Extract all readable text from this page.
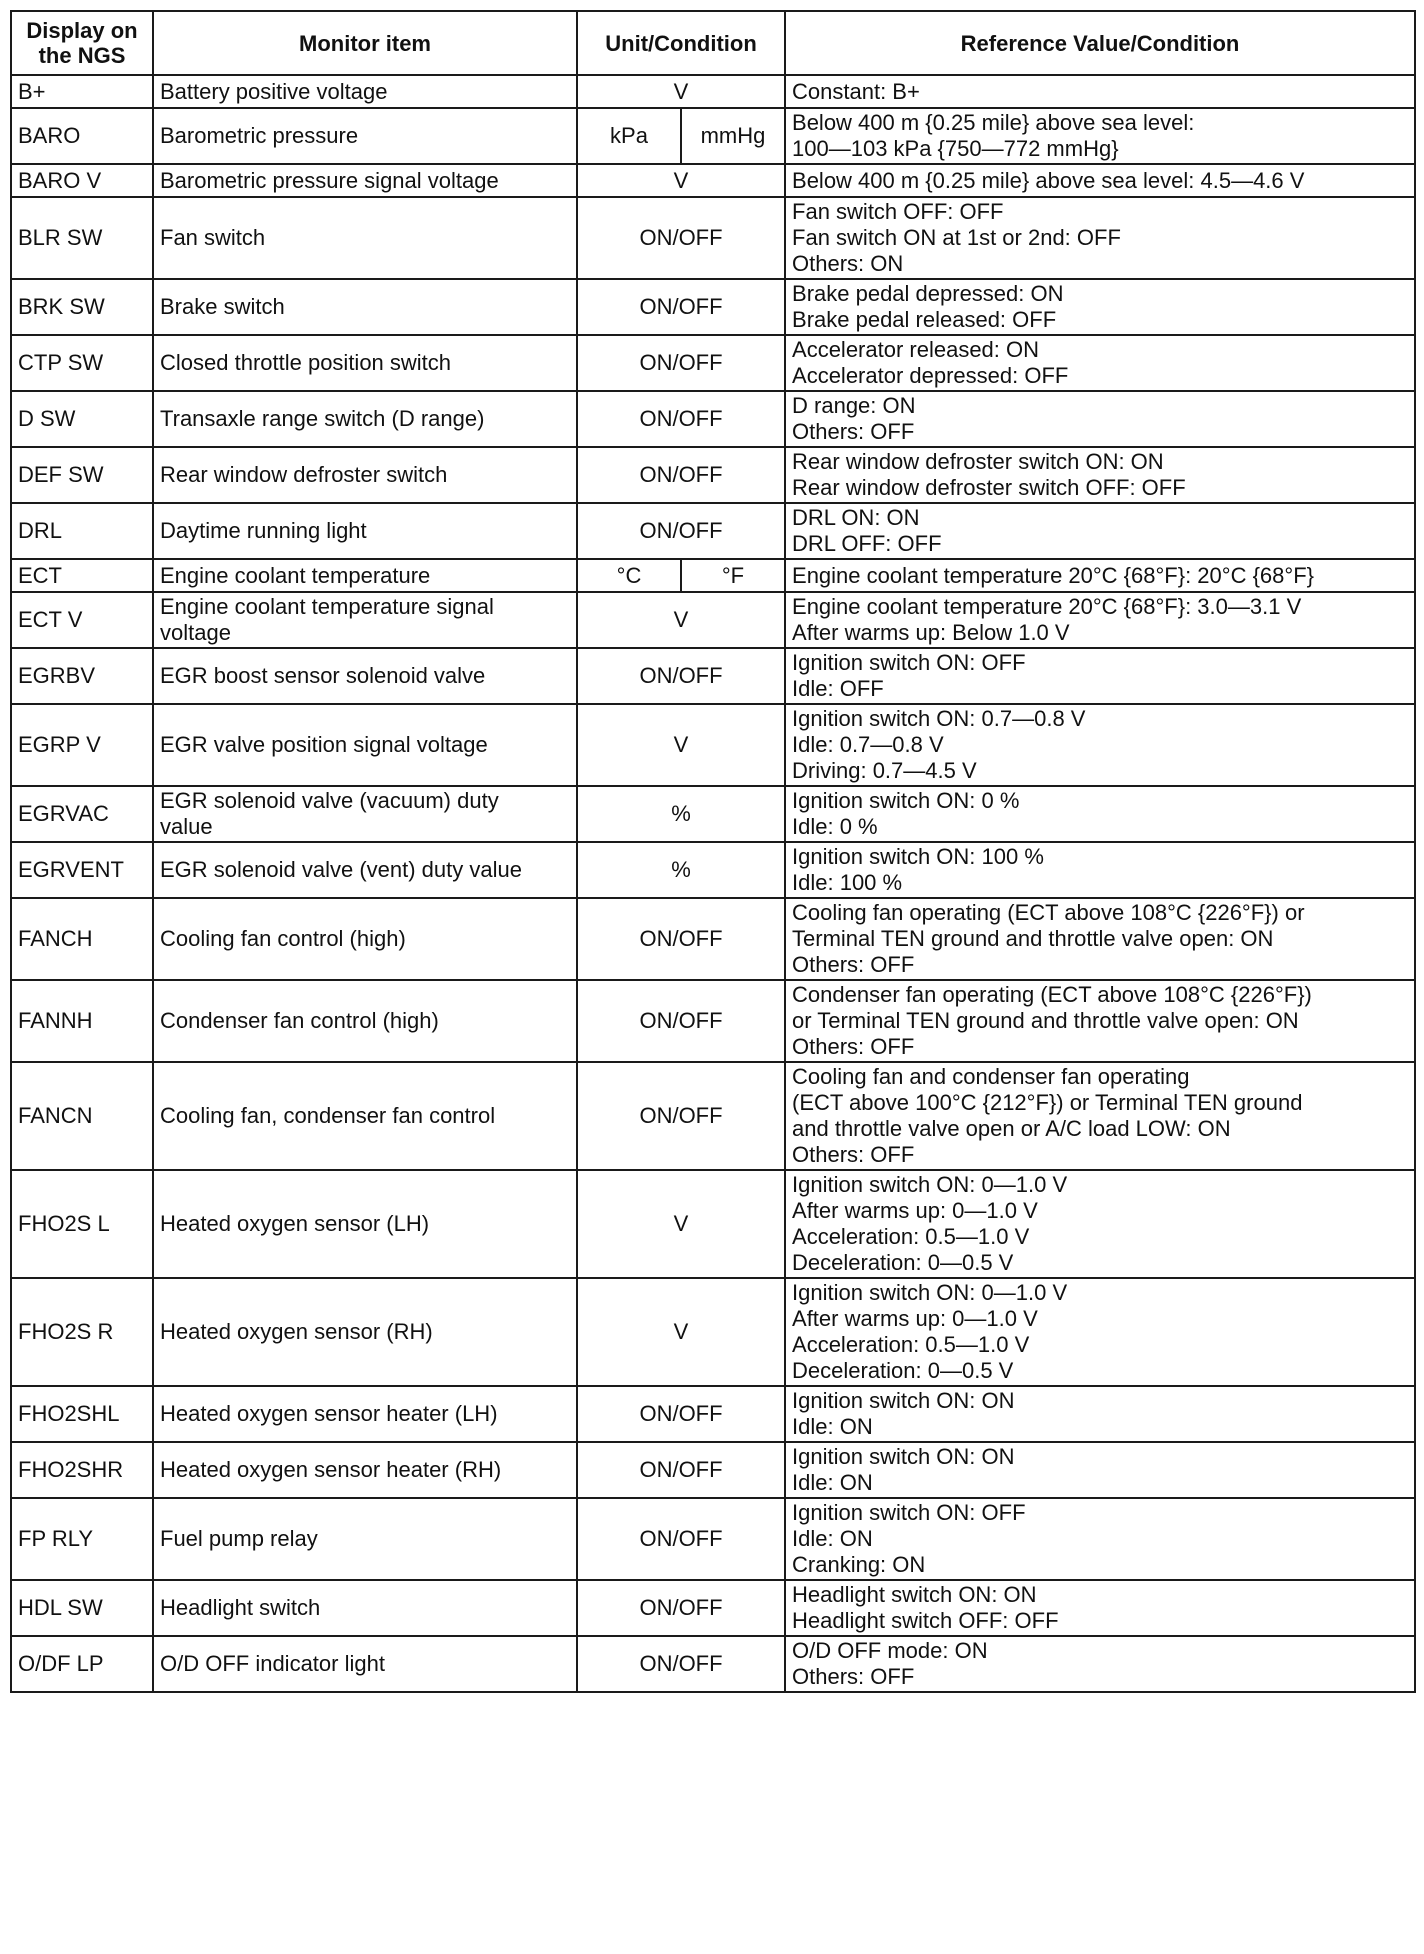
Display on the NGS	Monitor item	Unit/Condition		Reference Value/Condition
B+	Battery positive voltage	V		Constant: B+

BARO	Barometric pressure	kPa	mmHg	Below 400 m {0.25 mile} above sea level:
100—103 kPa {750—772 mmHg}

BARO V	Barometric pressure signal voltage	V		Below 400 m {0.25 mile} above sea level: 4.5—4.6 V

BLR SW	Fan switch	ON/OFF		Fan switch OFF: OFF
Fan switch ON at 1st or 2nd: OFF
Others: ON

BRK SW	Brake switch	ON/OFF		Brake pedal depressed: ON
Brake pedal released: OFF

CTP SW	Closed throttle position switch	ON/OFF		Accelerator released: ON
Accelerator depressed: OFF

D SW	Transaxle range switch (D range)	ON/OFF		D range: ON
Others: OFF

DEF SW	Rear window defroster switch	ON/OFF		Rear window defroster switch ON: ON
Rear window defroster switch OFF: OFF

DRL	Daytime running light	ON/OFF		DRL ON: ON
DRL OFF: OFF

ECT	Engine coolant temperature	°C	°F	Engine coolant temperature 20°C {68°F}: 20°C {68°F}

ECT V	Engine coolant temperature signal
voltage	V		Engine coolant temperature 20°C {68°F}: 3.0—3.1 V
After warms up: Below 1.0 V

EGRBV	EGR boost sensor solenoid valve	ON/OFF		Ignition switch ON: OFF
Idle: OFF

EGRP V	EGR valve position signal voltage	V		Ignition switch ON: 0.7—0.8 V
Idle: 0.7—0.8 V
Driving: 0.7—4.5 V

EGRVAC	EGR solenoid valve (vacuum) duty
value	%		Ignition switch ON: 0 %
Idle: 0 %

EGRVENT	EGR solenoid valve (vent) duty value	%		Ignition switch ON: 100 %
Idle: 100 %

FANCH	Cooling fan control (high)	ON/OFF		Cooling fan operating (ECT above 108°C {226°F}) or
Terminal TEN ground and throttle valve open: ON
Others: OFF

FANNH	Condenser fan control (high)	ON/OFF		Condenser fan operating (ECT above 108°C {226°F})
or Terminal TEN ground and throttle valve open: ON
Others: OFF

FANCN	Cooling fan, condenser fan control	ON/OFF		Cooling fan and condenser fan operating
(ECT above 100°C {212°F}) or Terminal TEN ground
and throttle valve open or A/C load LOW: ON
Others: OFF

FHO2S L	Heated oxygen sensor (LH)	V		Ignition switch ON: 0—1.0 V
After warms up: 0—1.0 V
Acceleration: 0.5—1.0 V
Deceleration: 0—0.5 V

FHO2S R	Heated oxygen sensor (RH)	V		Ignition switch ON: 0—1.0 V
After warms up: 0—1.0 V
Acceleration: 0.5—1.0 V
Deceleration: 0—0.5 V

FHO2SHL	Heated oxygen sensor heater (LH)	ON/OFF		Ignition switch ON: ON
Idle: ON

FHO2SHR	Heated oxygen sensor heater (RH)	ON/OFF		Ignition switch ON: ON
Idle: ON

FP RLY	Fuel pump relay	ON/OFF		Ignition switch ON: OFF
Idle: ON
Cranking: ON

HDL SW	Headlight switch	ON/OFF		Headlight switch ON: ON
Headlight switch OFF: OFF

O/DF LP	O/D OFF indicator light	ON/OFF		O/D OFF mode: ON
Others: OFF
